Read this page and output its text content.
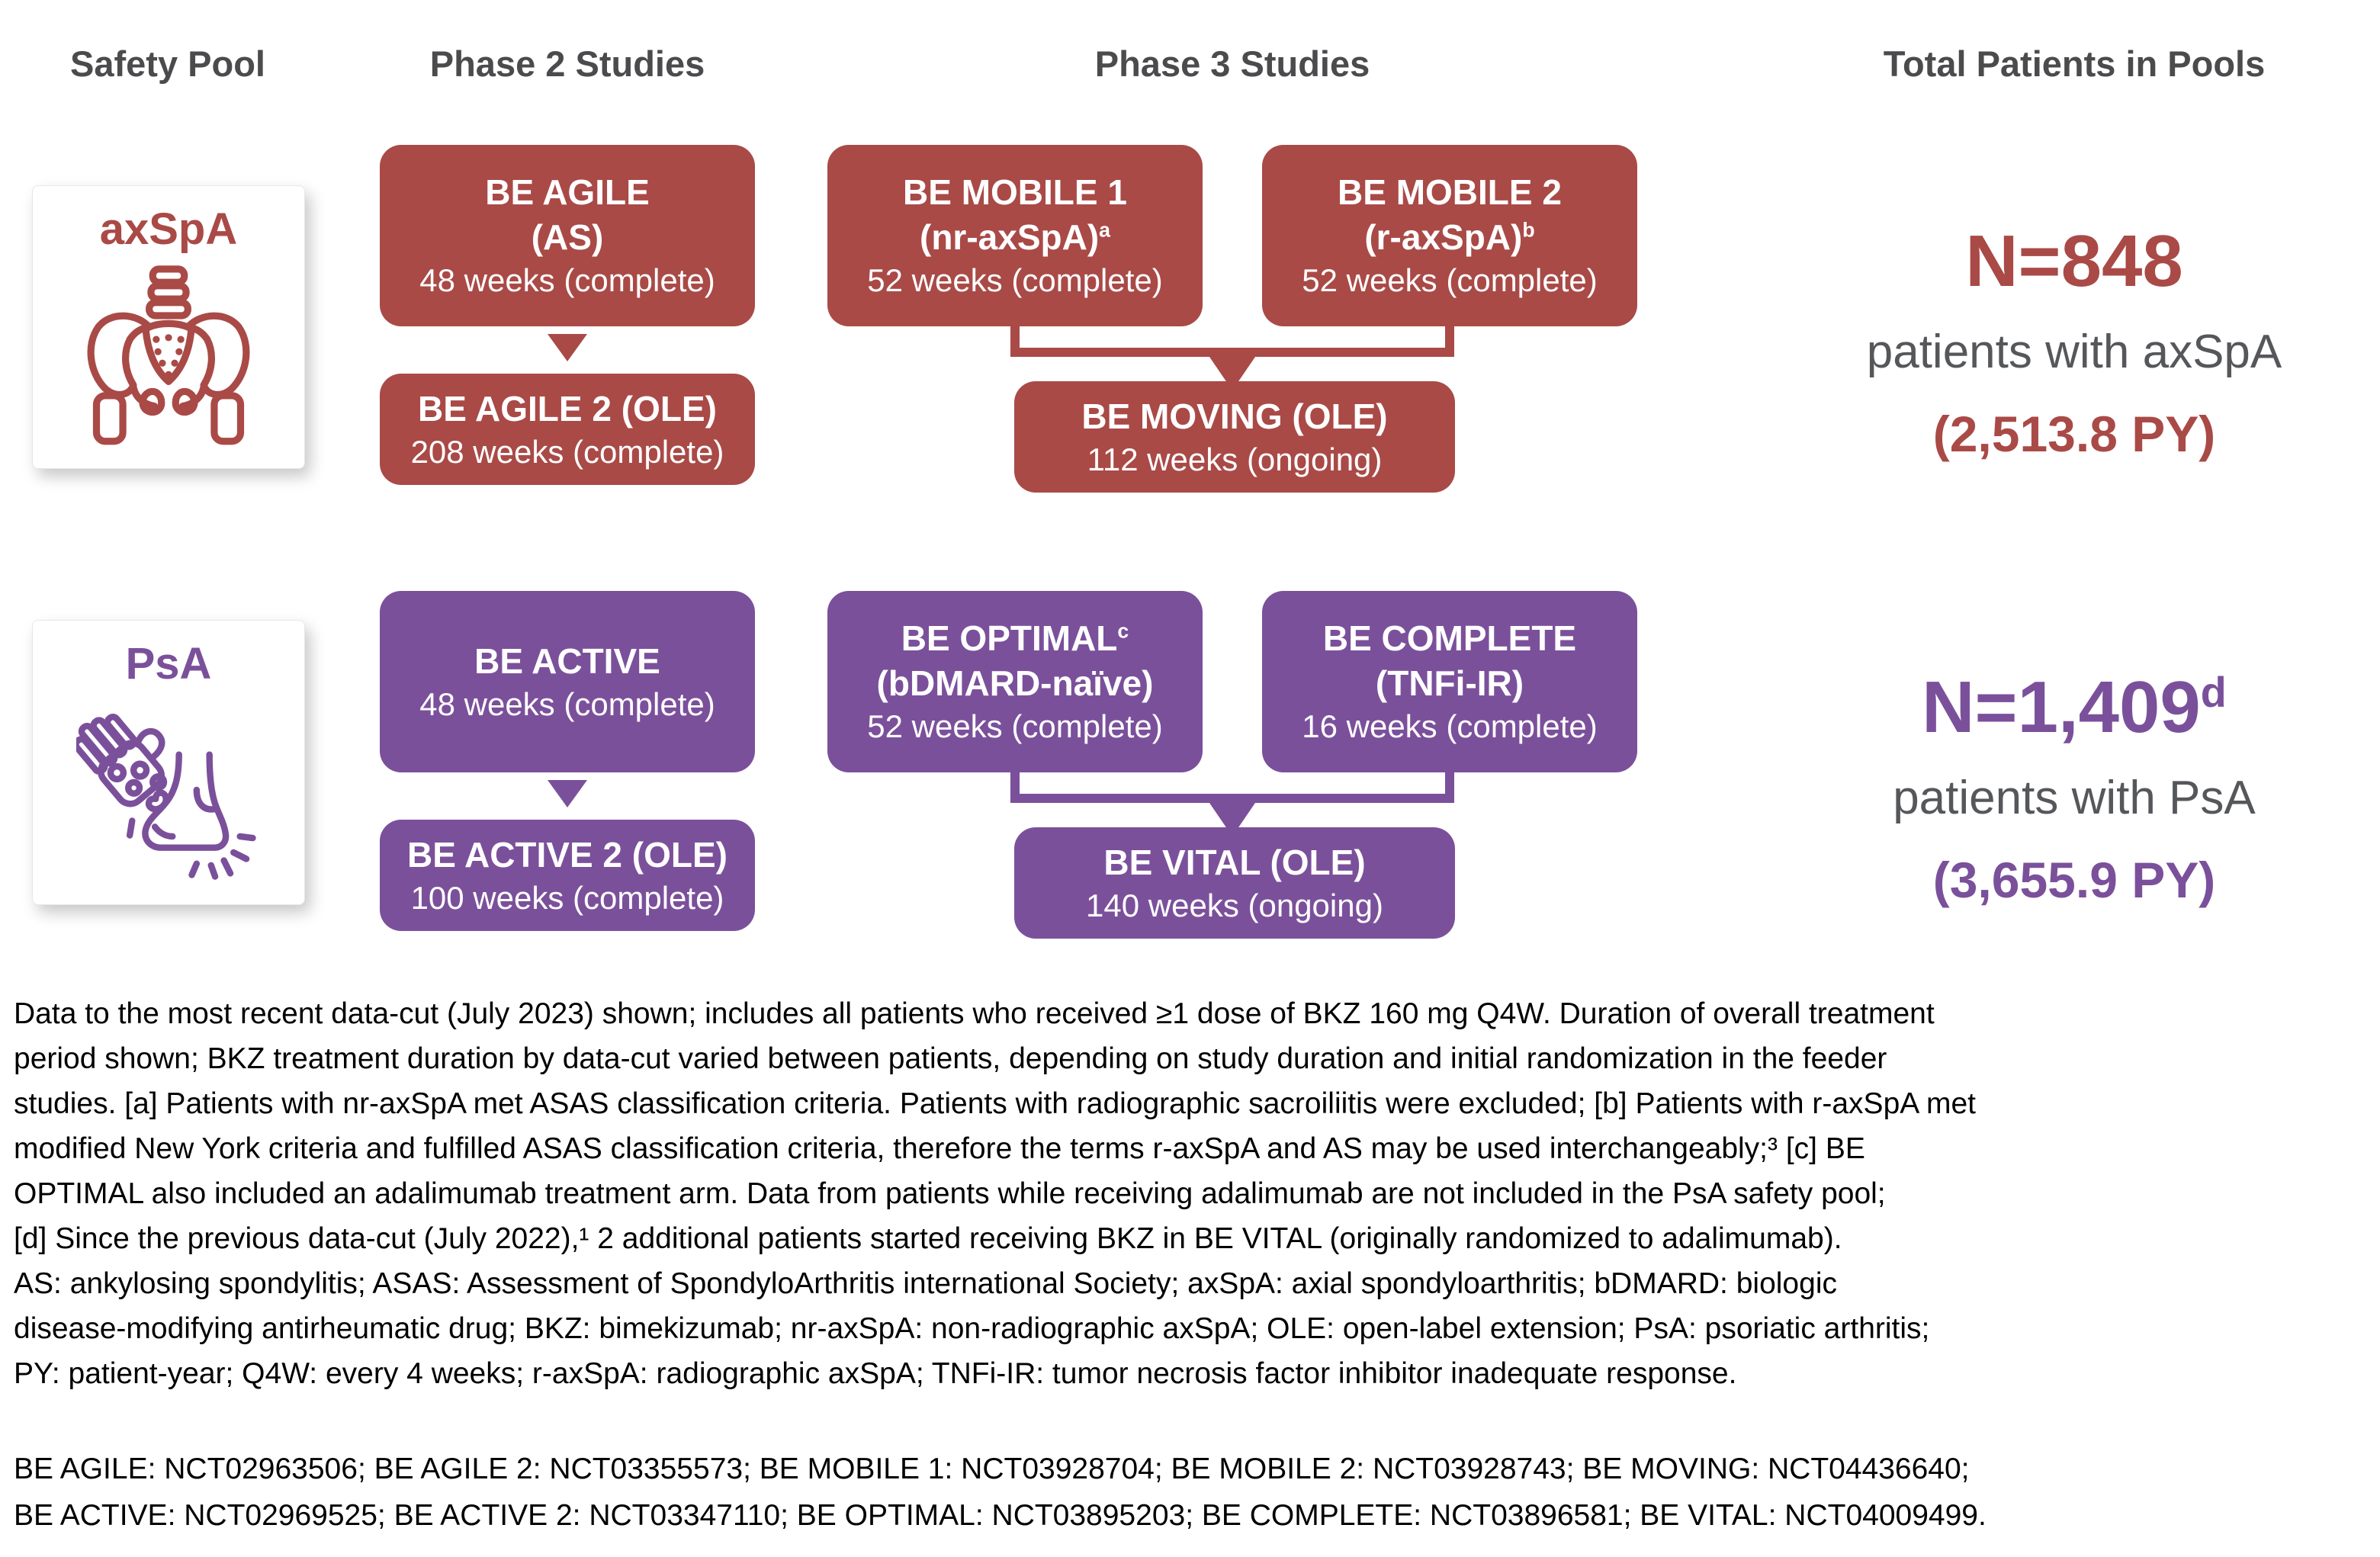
Safety Pool	Phase 2 Studies	Phase 3 Studies	Total Patients in Pools
axSpA
PsA
BE AGILE
(AS)
48 weeks (complete)
BE AGILE 2 (OLE)
208 weeks (complete)
BE MOBILE 1
(nr-axSpA)$^a$
52 weeks (complete)
BE MOBILE 2
(r-axSpA)$^b$
52 weeks (complete)
BE MOVING (OLE)
112 weeks (ongoing)
N=848
patients with axSpA
(2,513.8 PY)
BE ACTIVE
48 weeks (complete)
BE ACTIVE 2 (OLE)
100 weeks (complete)
BE OPTIMAL$^c$
(bDMARD-naïve)
52 weeks (complete)
BE COMPLETE
(TNFi-IR)
16 weeks (complete)
BE VITAL (OLE)
140 weeks (ongoing)
N=1,409$^d$
patients with PsA
(3,655.9 PY)
Data to the most recent data-cut (July 2023) shown; includes all patients who received ≥1 dose of BKZ 160 mg Q4W. Duration of overall treatment
period shown; BKZ treatment duration by data-cut varied between patients, depending on study duration and initial randomization in the feeder
studies. [a] Patients with nr-axSpA met ASAS classification criteria. Patients with radiographic sacroiliitis were excluded; [b] Patients with r-axSpA met
modified New York criteria and fulfilled ASAS classification criteria, therefore the terms r-axSpA and AS may be used interchangeably;³ [c] BE
OPTIMAL also included an adalimumab treatment arm. Data from patients while receiving adalimumab are not included in the PsA safety pool;
[d] Since the previous data-cut (July 2022),¹ 2 additional patients started receiving BKZ in BE VITAL (originally randomized to adalimumab).
AS: ankylosing spondylitis; ASAS: Assessment of SpondyloArthritis international Society; axSpA: axial spondyloarthritis; bDMARD: biologic
disease-modifying antirheumatic drug; BKZ: bimekizumab; nr-axSpA: non-radiographic axSpA; OLE: open-label extension; PsA: psoriatic arthritis;
PY: patient-year; Q4W: every 4 weeks; r-axSpA: radiographic axSpA; TNFi-IR: tumor necrosis factor inhibitor inadequate response.
BE AGILE: NCT02963506; BE AGILE 2: NCT03355573; BE MOBILE 1: NCT03928704; BE MOBILE 2: NCT03928743; BE MOVING: NCT04436640;
BE ACTIVE: NCT02969525; BE ACTIVE 2: NCT03347110; BE OPTIMAL: NCT03895203; BE COMPLETE: NCT03896581; BE VITAL: NCT04009499.
